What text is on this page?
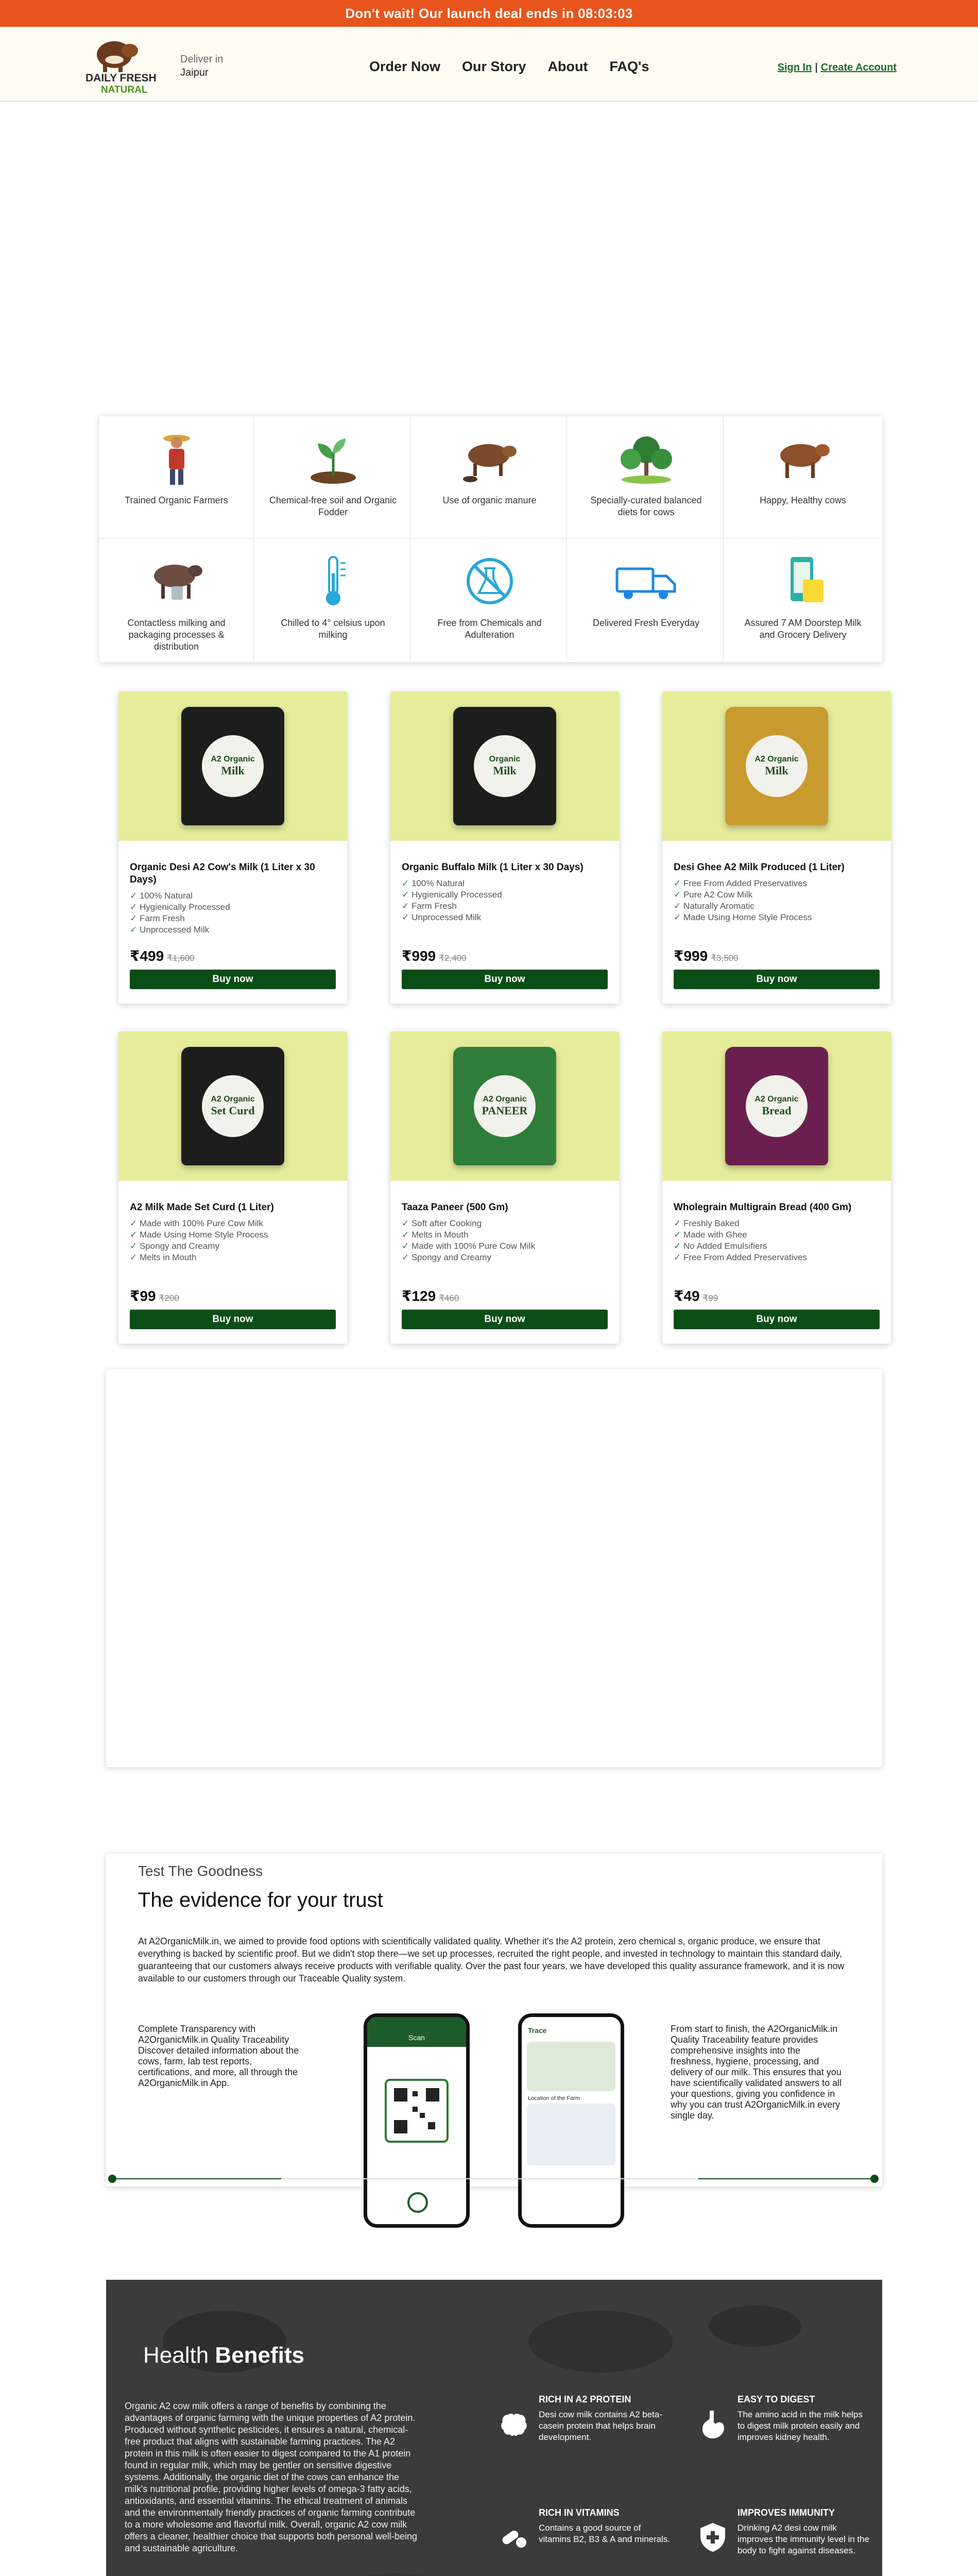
Don't wait! Our launch deal ends in 08:03:03
DAILY FRESH
NATURAL
Deliver in
Jaipur	Order Now Our Story About FAQ's	Sign In | Create Account
Trained Organic Farmers	Chemical-free soil and Organic Fodder
Use of organic manure	Specially-curated balanced diets for cows
Happy, Healthy cows
Contactless milking and packaging processes & distribution
Chilled to 4° celsius upon milking
Free from Chemicals and Adulteration
Delivered Fresh Everyday	Assured 7 AM Doorstep Milk and Grocery Delivery
A2 Organic
Milk
Organic Desi A2 Cow's Milk (1 Liter x 30 Days)
✓ 100% Natural
✓ Hygienically Processed
✓ Farm Fresh
✓ Unprocessed Milk
₹499 ₹1,600
Buy now
Organic
Milk
Organic Buffalo Milk (1 Liter x 30 Days)
✓ 100% Natural
✓ Hygienically Processed
✓ Farm Fresh
✓ Unprocessed Milk
₹999 ₹2,400
Buy now
A2 Organic
Milk
Desi Ghee A2 Milk Produced (1 Liter)
✓ Free From Added Preservatives
✓ Pure A2 Cow Milk
✓ Naturally Aromatic
✓ Made Using Home Style Process
₹999 ₹3,500
Buy now
A2 Organic
Set Curd
A2 Milk Made Set Curd (1 Liter)
✓ Made with 100% Pure Cow Milk
✓ Made Using Home Style Process
✓ Spongy and Creamy
✓ Melts in Mouth
₹99 ₹200
Buy now
A2 Organic
PANEER
Taaza Paneer (500 Gm)
✓ Soft after Cooking
✓ Melts in Mouth
✓ Made with 100% Pure Cow Milk
✓ Spongy and Creamy
₹129 ₹460
Buy now
A2 Organic
Bread
Wholegrain Multigrain Bread (400 Gm)
✓ Freshly Baked
✓ Made with Ghee
✓ No Added Emulsifiers
✓ Free From Added Preservatives
₹49 ₹99
Buy now
Test The Goodness
The evidence for your trust

At A2OrganicMilk.in, we aimed to provide food options with scientifically validated quality. Whether it's the A2 protein, zero chemical s, organic produce, we ensure that everything is backed by scientific proof. But we didn't stop there—we set up processes, recruited the right people, and invested in technology to maintain this standard daily, guaranteeing that our customers always receive products with verifiable quality. Over the past four years, we have developed this quality assurance framework, and it is now available to our customers through our Traceable Quality system.

Complete Transparency with A2OrganicMilk.in Quality Traceability Discover detailed information about the cows, farm, lab test reports, certifications, and more, all through the A2OrganicMilk.in App.

From start to finish, the A2OrganicMilk.in Quality Traceability feature provides comprehensive insights into the freshness, hygiene, processing, and delivery of our milk. This ensures that you have scientifically validated answers to all your questions, giving you confidence in why you can trust A2OrganicMilk.in every single day.

Scan
Trace
Location of the Farm
Health Benefits

Organic A2 cow milk offers a range of benefits by combining the advantages of organic farming with the unique properties of A2 protein. Produced without synthetic pesticides, it ensures a natural, chemical-free product that aligns with sustainable farming practices. The A2 protein in this milk is often easier to digest compared to the A1 protein found in regular milk, which may be gentler on sensitive digestive systems. Additionally, the organic diet of the cows can enhance the milk's nutritional profile, providing higher levels of omega-3 fatty acids, antioxidants, and essential vitamins. The ethical treatment of animals and the environmentally friendly practices of organic farming contribute to a more wholesome and flavorful milk. Overall, organic A2 cow milk offers a cleaner, healthier choice that supports both personal well-being and sustainable agriculture.

RICH IN A2 PROTEIN
Desi cow milk contains A2 beta-casein protein that helps brain development.
EASY TO DIGEST
The amino acid in the milk helps to digest milk protein easily and improves kidney health.
RICH IN VITAMINS
Contains a good source of vitamins B2, B3 & A and minerals.
IMPROVES IMMUNITY
Drinking A2 desi cow milk improves the immunity level in the body to fight against diseases.
